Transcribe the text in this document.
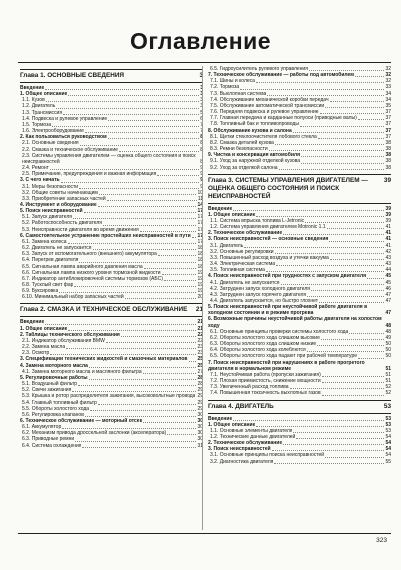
Оглавление
3
Глава 1. ОСНОВНЫЕ СВЕДЕНИЯ
Введение	3
1. Общее описание	3
1.1. Кузов	3
1.2. Двигатель	3
1.3. Трансмиссия	5
1.4. Подвеска и рулевое управление	6
1.5. Тормоза	7
1.6. Электрооборудование	7
2. Как пользоваться руководством	8
2.1. Основные сведения	8
2.2. Смазка и техническое обслуживание	8
2.3. Системы управления двигателем — оценка общего состояния и поиск неисправностей	8
2.4. Ремонт	9
2.5. Примечание, предупреждения и важная информация	9
3. С чего начать	9
3.1. Меры безопасности	9
3.2. Общие советы начинающим	10
3.3. Приобретение запасных частей	11
4. Инструмент и оборудование	14
5. Поиск неисправностей	17
5.1. Запуск двигателя	17
5.2. Работоспособность двигателя	17
5.3. Неисправности двигателя во время движения	17
6. Самостоятельное устранение простейших неисправностей в пути 17
6.1. Замена колеса	17
6.2. Двигатель не запускается	18
6.3. Запуск от вспомогательного (внешнего) аккумулятора	18
6.4. Перегрев двигателя	18
6.5. Сигнальная лампа аварийного давления масла	18
6.6. Сигнальная лампа низкого уровня тормозной жидкости	19
6.7. Индикатор антиблокировочной системы тормозов (АБС)	19
6.8. Тусклый свет фар	19
6.9. Буксировка	19
6.10. Минимальный набор запасных частей	20
21
Глава 2. СМАЗКА И ТЕХНИЧЕСКОЕ ОБСЛУЖИВАНИЕ
Введение	21
1. Общее описание	21
2. Таблицы технического обслуживания	22
2.1. Индикатор обслуживания BMW	22
2.2. Замена масла	23
2.3. Осмотр	23
3. Спецификации технических жидкостей и смазочных материалов 25
4. Замена моторного масла	25
4.1. Замена моторного масла и масляного фильтра	27
5. Регулировочные работы	28
5.1. Воздушный фильтр	28
5.2. Свечи зажигания	29
5.3. Крышка и ротор распределителя зажигания, высоковольтные провода 29
5.4. Главный топливный фильтр	29
5.5. Обороты холостого хода	29
5.6. Регулировка клапанов	30
6. Техническое обслуживание — моторный отсек	30
6.1. Аккумулятор	30
6.2. Механизм привода дроссельной заслонки (акселератора)	30
6.3. Приводные ремни	30
6.4. Система охлаждения	31
6.5. Гидроусилитель рулевого управления	32
7. Техническое обслуживание — работы под автомобилем	32
7.1. Шины и колеса	32
7.2. Тормоза	33
7.3. Выхлопная система	34
7.4. Обслуживание механической коробки передач	34
7.5. Обслуживание автоматической трансмиссии	35
7.6. Передняя подвеска и рулевое управление	37
7.7. Главная передача и карданные полуоси (приводные валы)	37
7.8. Топливный бак и топливопроводы	37
8. Обслуживание кузова и салона	37
8.1. Щетки стеклоочистителя лобового стекла	37
8.2. Смазка деталей кузова	38
8.3. Ремни безопасности	38
9. Чистка и консервация автомобиля	38
9.1. Уход за наружной отделкой кузова	38
9.2. Уход за отделкой салона	38
39
Глава 3. СИСТЕМЫ УПРАВЛЕНИЯ ДВИГАТЕЛЕМ — ОЦЕНКА ОБЩЕГО СОСТОЯНИЯ И ПОИСК НЕИСПРАВНОСТЕЙ
Введение	39
1. Общее описание	39
1.1. Система впрыска топлива L-Jetronic	39
1.2. Система управления двигателем Motronic 1.1	41
2. Техническое обслуживание	41
3. Поиск неисправностей — основные сведения	41
3.1. Двигатель	41
3.2. Основные регулировки	42
3.3. Повышенный расход воздуха и утечки вакуума	43
3.4. Электрическая система	43
3.5. Топливная система	44
4. Поиск неисправностей при трудностях с запуском двигателя	45
4.1. Двигатель не запускается	45
4.2. Затруднен запуск холодного двигателя	46
4.3. Затруднен запуск горячего двигателя	47
4.4. Двигатель запускается, но быстро глохнет	47
5. Поиск неисправностей при неустойчивой работе двигателя в холодном состоянии и в режиме прогрева	47
6. Возможные причины неустойчивой работы двигателя на холостом ходу	48
6.1. Основные принципы проверки системы холостого хода	48
6.2. Обороты холостого хода слишком высокие	49
6.3. Обороты холостого хода слишком низкие	50
6.4. Обороты холостого хода колеблются	50
6.5. Обороты холостого хода падают при рабочей температуре	50
7. Поиск неисправностей при нарушениях в работе прогретого двигателя в нормальном режиме	51
7.1. Неустойчивая работа (пропуски зажигания)	51
7.2. Плохая приемистость, снижение мощности	51
7.3. Увеличенный расход топлива	52
7.4. Повышенная токсичность выхлопных газов	52
53
Глава 4. ДВИГАТЕЛЬ
Введение	53
1. Общее описание	53
1.1. Основные элементы двигателя	53
1.2. Технические данные двигателей	54
2. Техническое обслуживание	54
3. Поиск неисправностей	54
3.1. Основные принципы поиска неисправностей	54
3.2. Диагностика двигателя	55
323
